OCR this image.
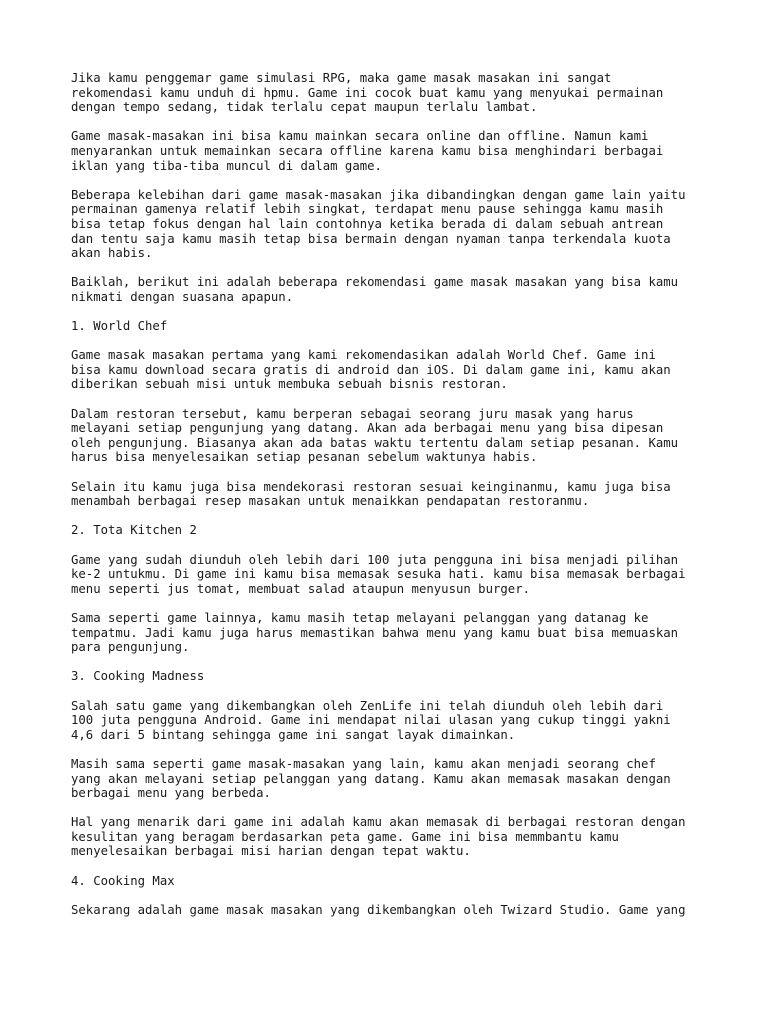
Jika kamu penggemar game simulasi RPG, maka game masak masakan ini sangat
rekomendasi kamu unduh di hpmu. Game ini cocok buat kamu yang menyukai permainan
dengan tempo sedang, tidak terlalu cepat maupun terlalu lambat.

Game masak-masakan ini bisa kamu mainkan secara online dan offline. Namun kami
menyarankan untuk memainkan secara offline karena kamu bisa menghindari berbagai
iklan yang tiba-tiba muncul di dalam game.

Beberapa kelebihan dari game masak-masakan jika dibandingkan dengan game lain yaitu
permainan gamenya relatif lebih singkat, terdapat menu pause sehingga kamu masih
bisa tetap fokus dengan hal lain contohnya ketika berada di dalam sebuah antrean
dan tentu saja kamu masih tetap bisa bermain dengan nyaman tanpa terkendala kuota
akan habis.

Baiklah, berikut ini adalah beberapa rekomendasi game masak masakan yang bisa kamu
nikmati dengan suasana apapun.

1. World Chef

Game masak masakan pertama yang kami rekomendasikan adalah World Chef. Game ini
bisa kamu download secara gratis di android dan iOS. Di dalam game ini, kamu akan
diberikan sebuah misi untuk membuka sebuah bisnis restoran.

Dalam restoran tersebut, kamu berperan sebagai seorang juru masak yang harus
melayani setiap pengunjung yang datang. Akan ada berbagai menu yang bisa dipesan
oleh pengunjung. Biasanya akan ada batas waktu tertentu dalam setiap pesanan. Kamu
harus bisa menyelesaikan setiap pesanan sebelum waktunya habis.

Selain itu kamu juga bisa mendekorasi restoran sesuai keinginanmu, kamu juga bisa
menambah berbagai resep masakan untuk menaikkan pendapatan restoranmu.

2. Tota Kitchen 2

Game yang sudah diunduh oleh lebih dari 100 juta pengguna ini bisa menjadi pilihan
ke-2 untukmu. Di game ini kamu bisa memasak sesuka hati. kamu bisa memasak berbagai
menu seperti jus tomat, membuat salad ataupun menyusun burger.

Sama seperti game lainnya, kamu masih tetap melayani pelanggan yang datanag ke
tempatmu. Jadi kamu juga harus memastikan bahwa menu yang kamu buat bisa memuaskan
para pengunjung.

3. Cooking Madness

Salah satu game yang dikembangkan oleh ZenLife ini telah diunduh oleh lebih dari
100 juta pengguna Android. Game ini mendapat nilai ulasan yang cukup tinggi yakni
4,6 dari 5 bintang sehingga game ini sangat layak dimainkan.

Masih sama seperti game masak-masakan yang lain, kamu akan menjadi seorang chef
yang akan melayani setiap pelanggan yang datang. Kamu akan memasak masakan dengan
berbagai menu yang berbeda.

Hal yang menarik dari game ini adalah kamu akan memasak di berbagai restoran dengan
kesulitan yang beragam berdasarkan peta game. Game ini bisa memmbantu kamu
menyelesaikan berbagai misi harian dengan tepat waktu.

4. Cooking Max

Sekarang adalah game masak masakan yang dikembangkan oleh Twizard Studio. Game yang
